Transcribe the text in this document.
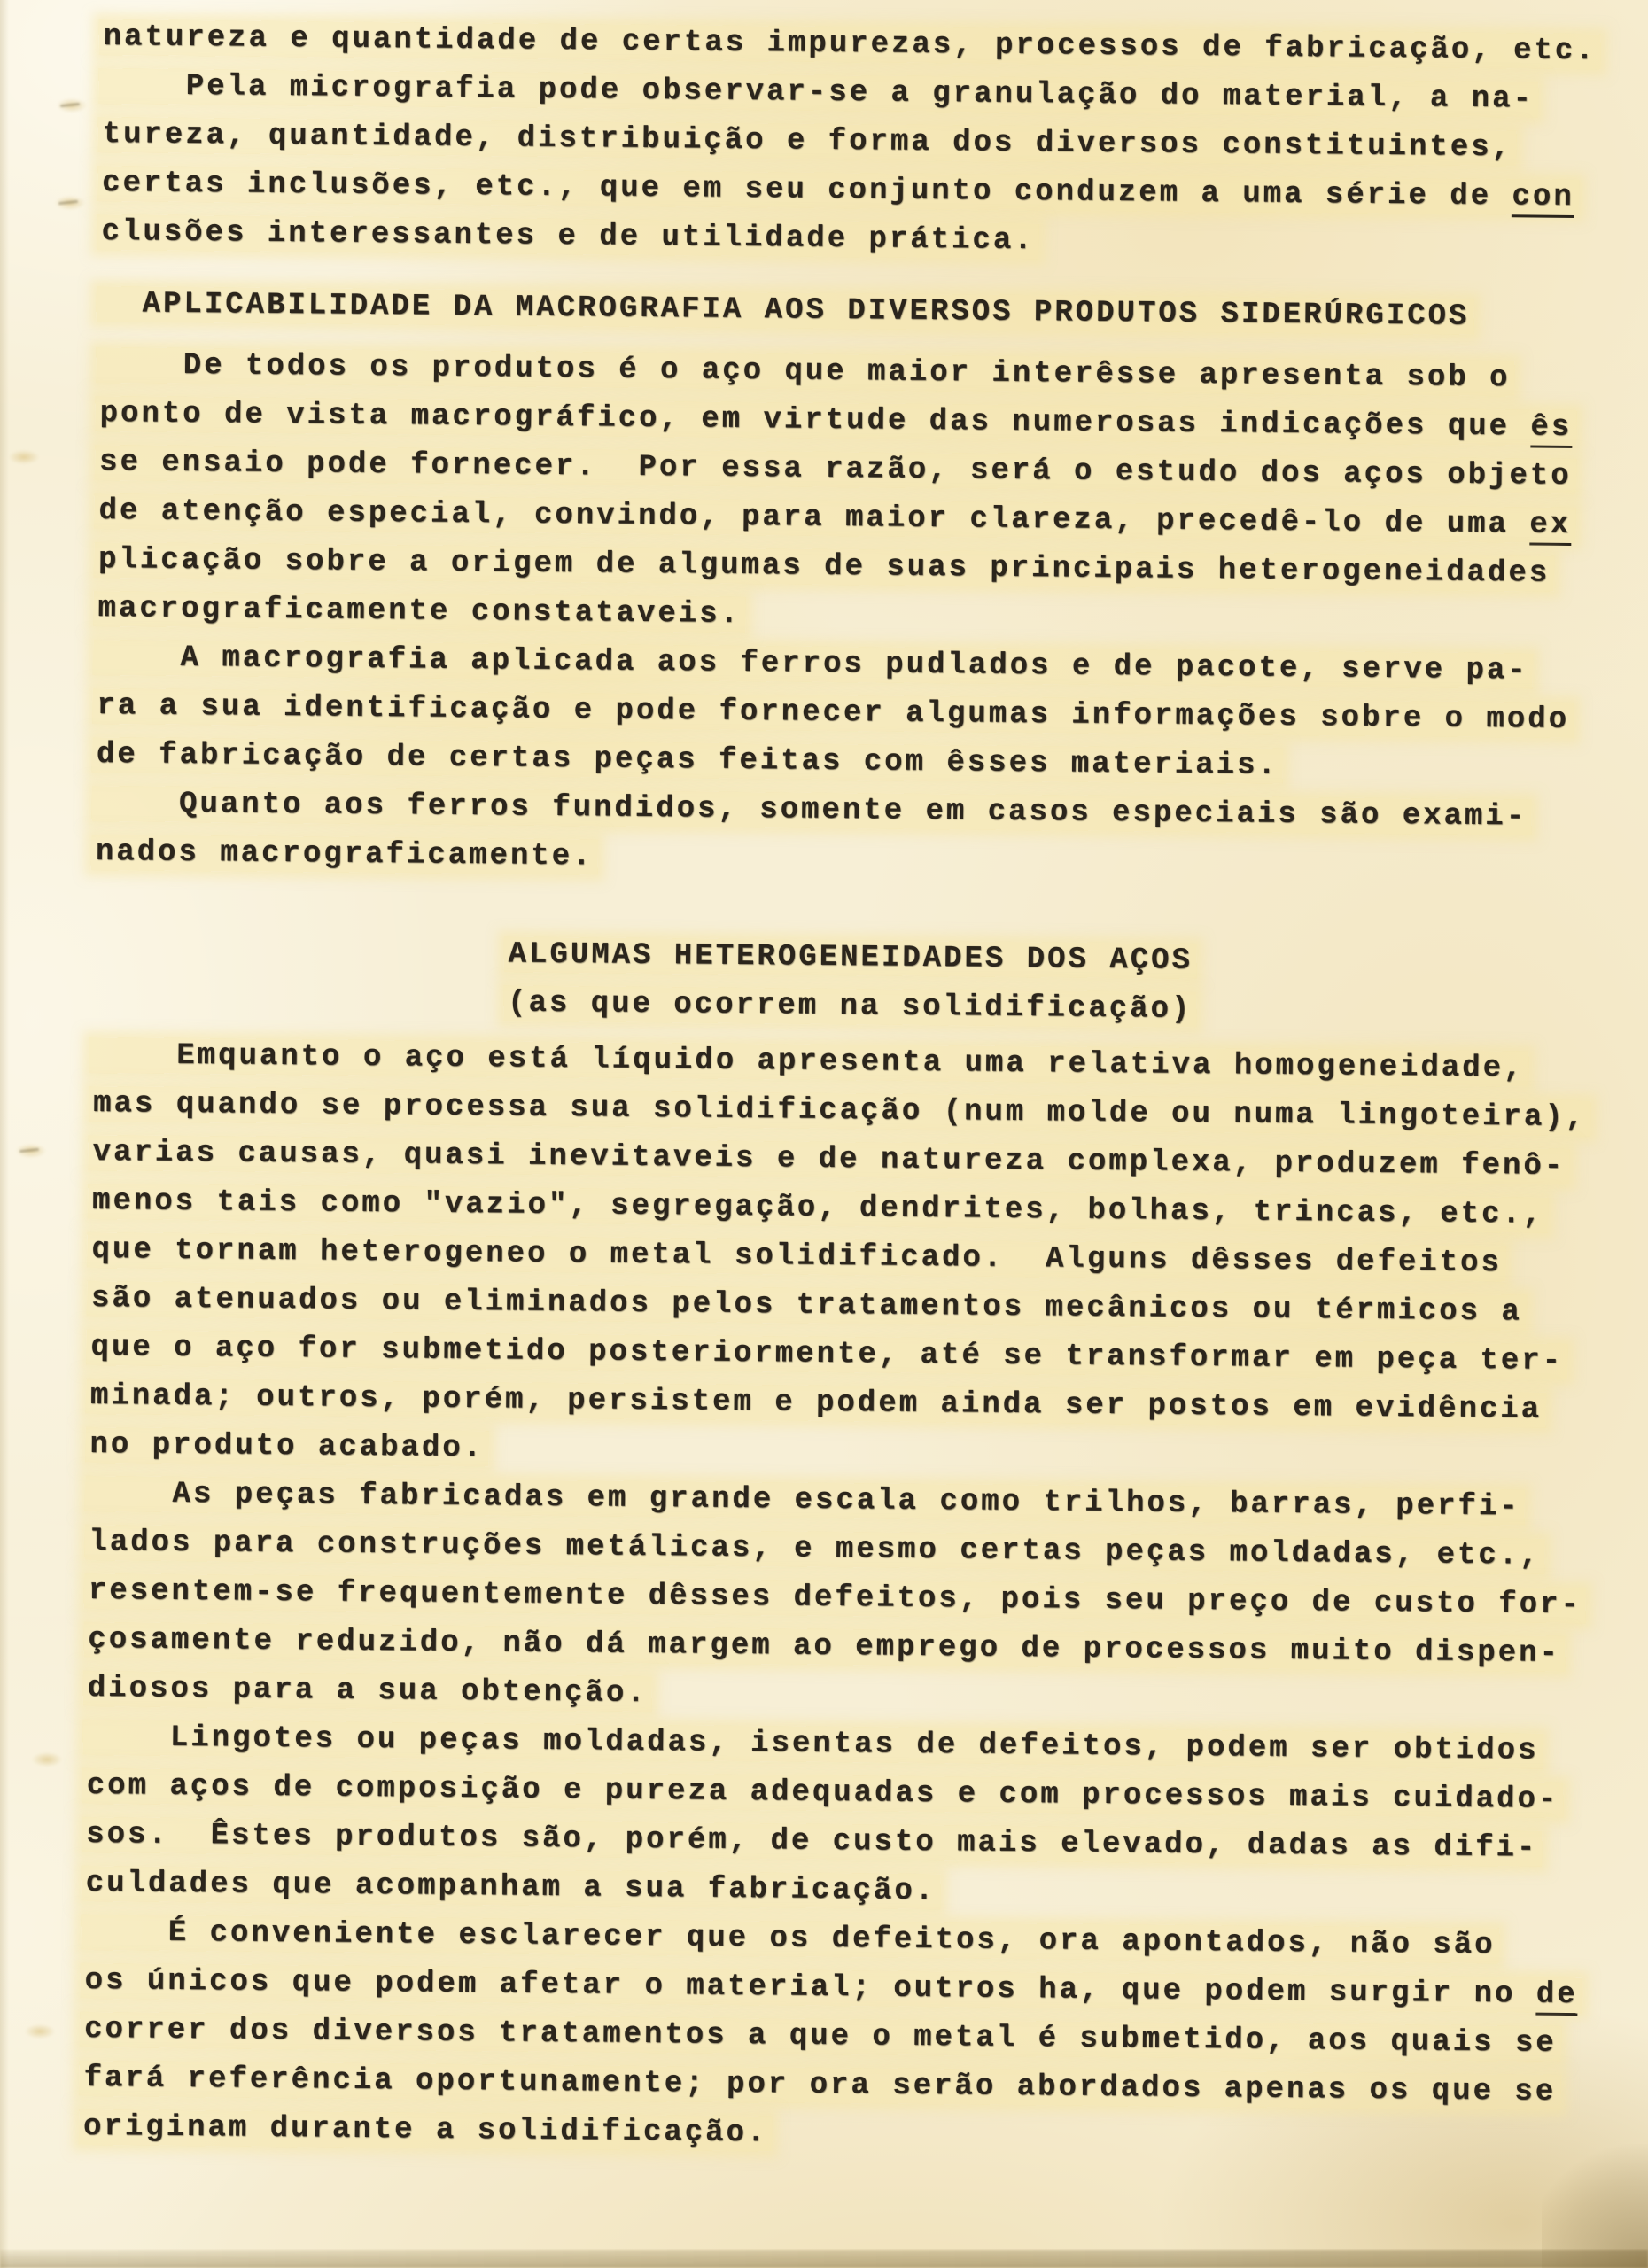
natureza e quantidade de certas impurezas, processos de fabricação, etc.
Pela micrografia pode observar-se a granulação do material, a na-
tureza, quantidade, distribuição e forma dos diversos constituintes,
certas inclusões, etc., que em seu conjunto conduzem a uma série de con
clusões interessantes e de utilidade prática.
APLICABILIDADE DA MACROGRAFIA AOS DIVERSOS PRODUTOS SIDERÚRGICOS
De todos os produtos é o aço que maior interêsse apresenta sob o
ponto de vista macrográfico, em virtude das numerosas indicações que ês
se ensaio pode fornecer.  Por essa razão, será o estudo dos aços objeto
de atenção especial, convindo, para maior clareza, precedê-lo de uma ex
plicação sobre a origem de algumas de suas principais heterogeneidades
macrograficamente constataveis.
A macrografia aplicada aos ferros pudlados e de pacote, serve pa-
ra a sua identificação e pode fornecer algumas informações sobre o modo
de fabricação de certas peças feitas com êsses materiais.
Quanto aos ferros fundidos, somente em casos especiais são exami-
nados macrograficamente.
ALGUMAS HETEROGENEIDADES DOS AÇOS
(as que ocorrem na solidificação)
Emquanto o aço está líquido apresenta uma relativa homogeneidade,
mas quando se processa sua solidificação (num molde ou numa lingoteira),
varias causas, quasi inevitaveis e de natureza complexa, produzem fenô-
menos tais como "vazio", segregação, dendrites, bolhas, trincas, etc.,
que tornam heterogeneo o metal solidificado.  Alguns dêsses defeitos
são atenuados ou eliminados pelos tratamentos mecânicos ou térmicos a
que o aço for submetido posteriormente, até se transformar em peça ter-
minada; outros, porém, persistem e podem ainda ser postos em evidência
no produto acabado.
As peças fabricadas em grande escala como trilhos, barras, perfi-
lados para construções metálicas, e mesmo certas peças moldadas, etc.,
resentem-se frequentemente dêsses defeitos, pois seu preço de custo for-
çosamente reduzido, não dá margem ao emprego de processos muito dispen-
diosos para a sua obtenção.
Lingotes ou peças moldadas, isentas de defeitos, podem ser obtidos
com aços de composição e pureza adequadas e com processos mais cuidado-
sos.  Êstes produtos são, porém, de custo mais elevado, dadas as difi-
culdades que acompanham a sua fabricação.
É conveniente esclarecer que os defeitos, ora apontados, não são
os únicos que podem afetar o material; outros ha, que podem surgir no de
correr dos diversos tratamentos a que o metal é submetido, aos quais se
fará referência oportunamente; por ora serão abordados apenas os que se
originam durante a solidificação.
